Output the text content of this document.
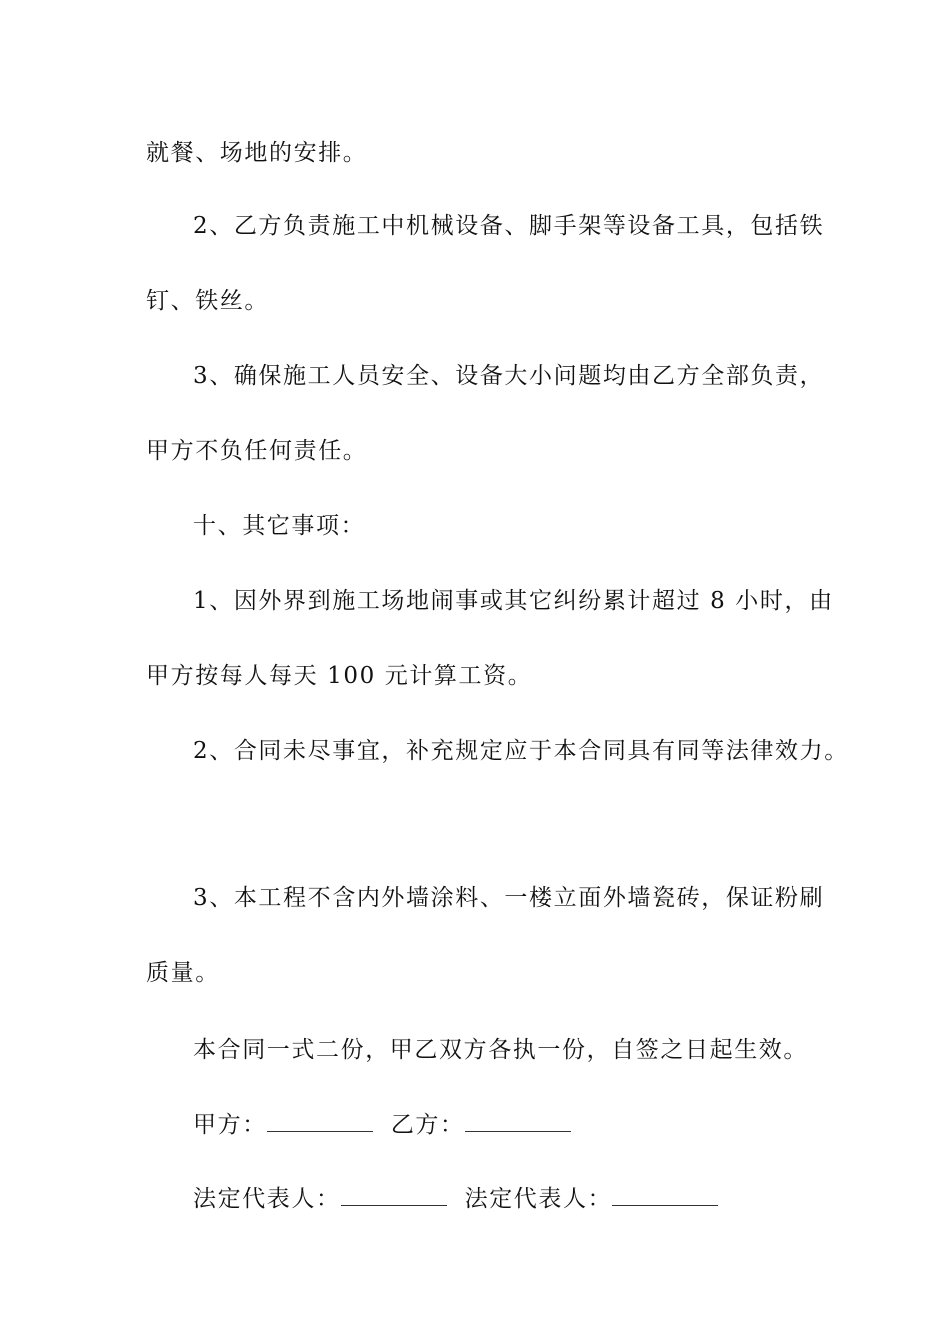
就餐、场地的安排。
2、乙方负责施工中机械设备、脚手架等设备工具，包括铁
钉、铁丝。
3、确保施工人员安全、设备大小问题均由乙方全部负责，
甲方不负任何责任。
十、其它事项：
1、因外界到施工场地闹事或其它纠纷累计超过 8 小时，由
甲方按每人每天 100 元计算工资。
2、合同未尽事宜，补充规定应于本合同具有同等法律效力。
3、本工程不含内外墙涂料、一楼立面外墙瓷砖，保证粉刷
质量。
本合同一式二份，甲乙双方各执一份，自签之日起生效。
甲方：	乙方：
法定代表人：	法定代表人：
